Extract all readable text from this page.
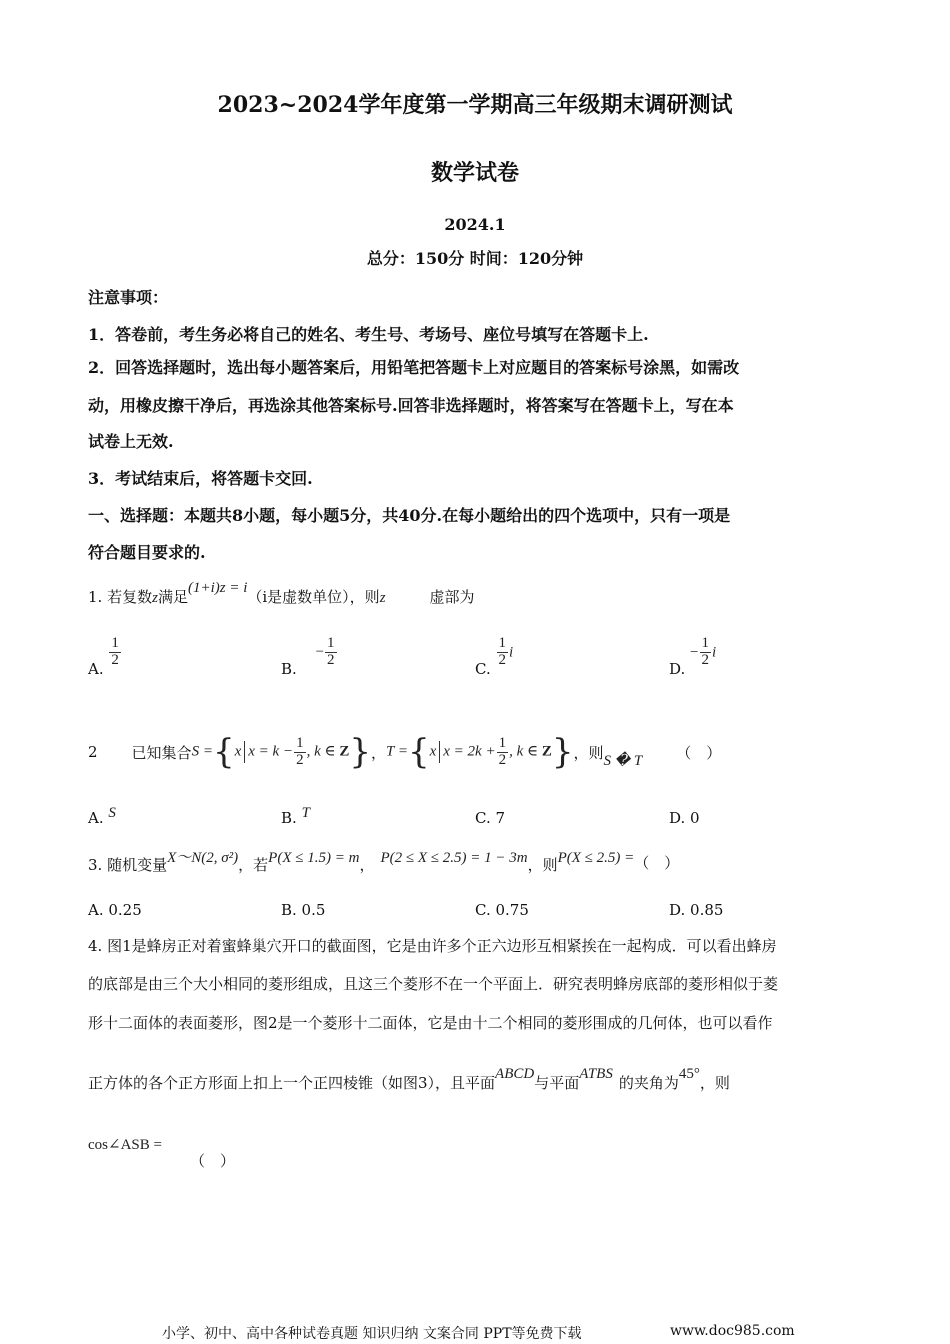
2023~2024学年度第一学期高三年级期末调研测试
数学试卷
2024.1
总分：150分 时间：120分钟
注意事项：
1．答卷前，考生务必将自己的姓名、考生号、考场号、座位号填写在答题卡上.
2．回答选择题时，选出每小题答案后，用铅笔把答题卡上对应题目的答案标号涂黑，如需改
动，用橡皮擦干净后，再选涂其他答案标号.回答非选择题时，将答案写在答题卡上，写在本
试卷上无效.
3．考试结束后，将答题卡交回.
一、选择题：本题共8小题，每小题5分，共40分.在每小题给出的四个选项中，只有一项是
符合题目要求的.
1. 若复数z满足(1+i)z = i（i是虚数单位），则z	虚部为
A.
$\frac{1}{2}$
B. − $\frac{1}{2}$
C.
$\frac{1}{2}$ i
D. − $\frac{1}{2}$ i
2 已知集合 S ={x $x = k - \frac{1}{2}$ , k ∈ Z} ， T ={x $x = 2k + \frac{1}{2}$ , k ∈ Z} ，则 S � T （　）
A. S	B. T	C. 7	D. 0
3. 随机变量X～N(2, σ²)，若P(X ≤ 1.5) = m， P(2 ≤ X ≤ 2.5) = 1 − 3m，则P(X ≤ 2.5) =（　）
A. 0.25	B. 0.5	C. 0.75	D. 0.85
4. 图1是蜂房正对着蜜蜂巢穴开口的截面图，它是由许多个正六边形互相紧挨在一起构成．可以看出蜂房
的底部是由三个大小相同的菱形组成，且这三个菱形不在一个平面上．研究表明蜂房底部的菱形相似于菱
形十二面体的表面菱形，图2是一个菱形十二面体，它是由十二个相同的菱形围成的几何体，也可以看作
正方体的各个正方形面上扣上一个正四棱锥（如图3），且平面ABCD与平面ATBS 的夹角为45°，则
cos∠ASB =
（　）
小学、初中、高中各种试卷真题 知识归纳 文案合同 PPT等免费下载	www.doc985.com
